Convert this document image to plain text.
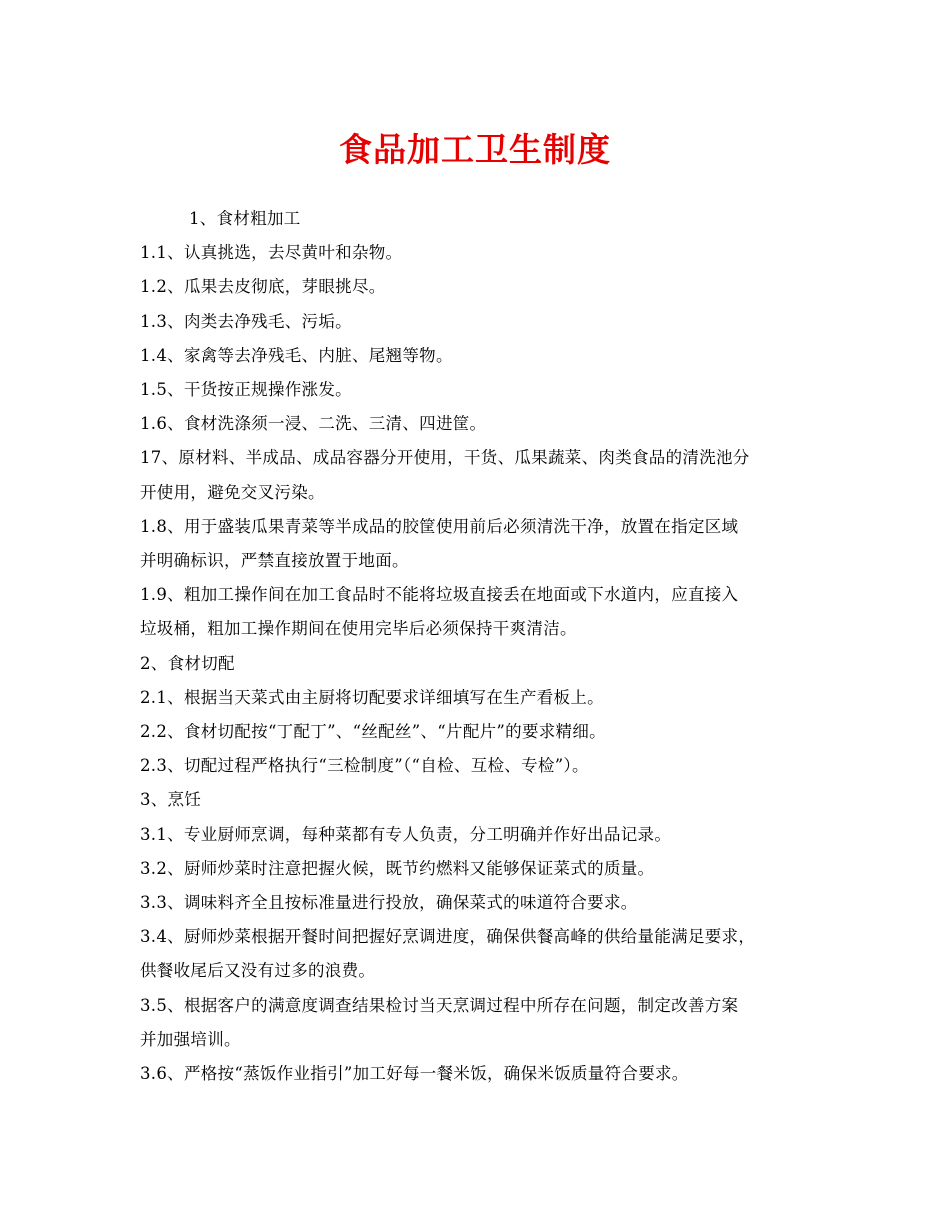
食品加工卫生制度

1、食材粗加工

1.1、认真挑选，去尽黄叶和杂物。

1.2、瓜果去皮彻底，芽眼挑尽。

1.3、肉类去净残毛、污垢。

1.4、家禽等去净残毛、内脏、尾翘等物。

1.5、干货按正规操作涨发。

1.6、食材洗涤须一浸、二洗、三清、四进筐。

17、原材料、半成品、成品容器分开使用，干货、瓜果蔬菜、肉类食品的清洗池分

开使用，避免交叉污染。

1.8、用于盛装瓜果青菜等半成品的胶筐使用前后必须清洗干净，放置在指定区域

并明确标识，严禁直接放置于地面。

1.9、粗加工操作间在加工食品时不能将垃圾直接丢在地面或下水道内，应直接入

垃圾桶，粗加工操作期间在使用完毕后必须保持干爽清洁。

2、食材切配

2.1、根据当天菜式由主厨将切配要求详细填写在生产看板上。

2.2、食材切配按“丁配丁”、“丝配丝”、“片配片”的要求精细。

2.3、切配过程严格执行“三检制度”（“自检、互检、专检”）。

3、烹饪

3.1、专业厨师烹调，每种菜都有专人负责，分工明确并作好出品记录。

3.2、厨师炒菜时注意把握火候，既节约燃料又能够保证菜式的质量。

3.3、调味料齐全且按标准量进行投放，确保菜式的味道符合要求。

3.4、厨师炒菜根据开餐时间把握好烹调进度，确保供餐高峰的供给量能满足要求，

供餐收尾后又没有过多的浪费。

3.5、根据客户的满意度调查结果检讨当天烹调过程中所存在问题，制定改善方案

并加强培训。

3.6、严格按“蒸饭作业指引”加工好每一餐米饭，确保米饭质量符合要求。
